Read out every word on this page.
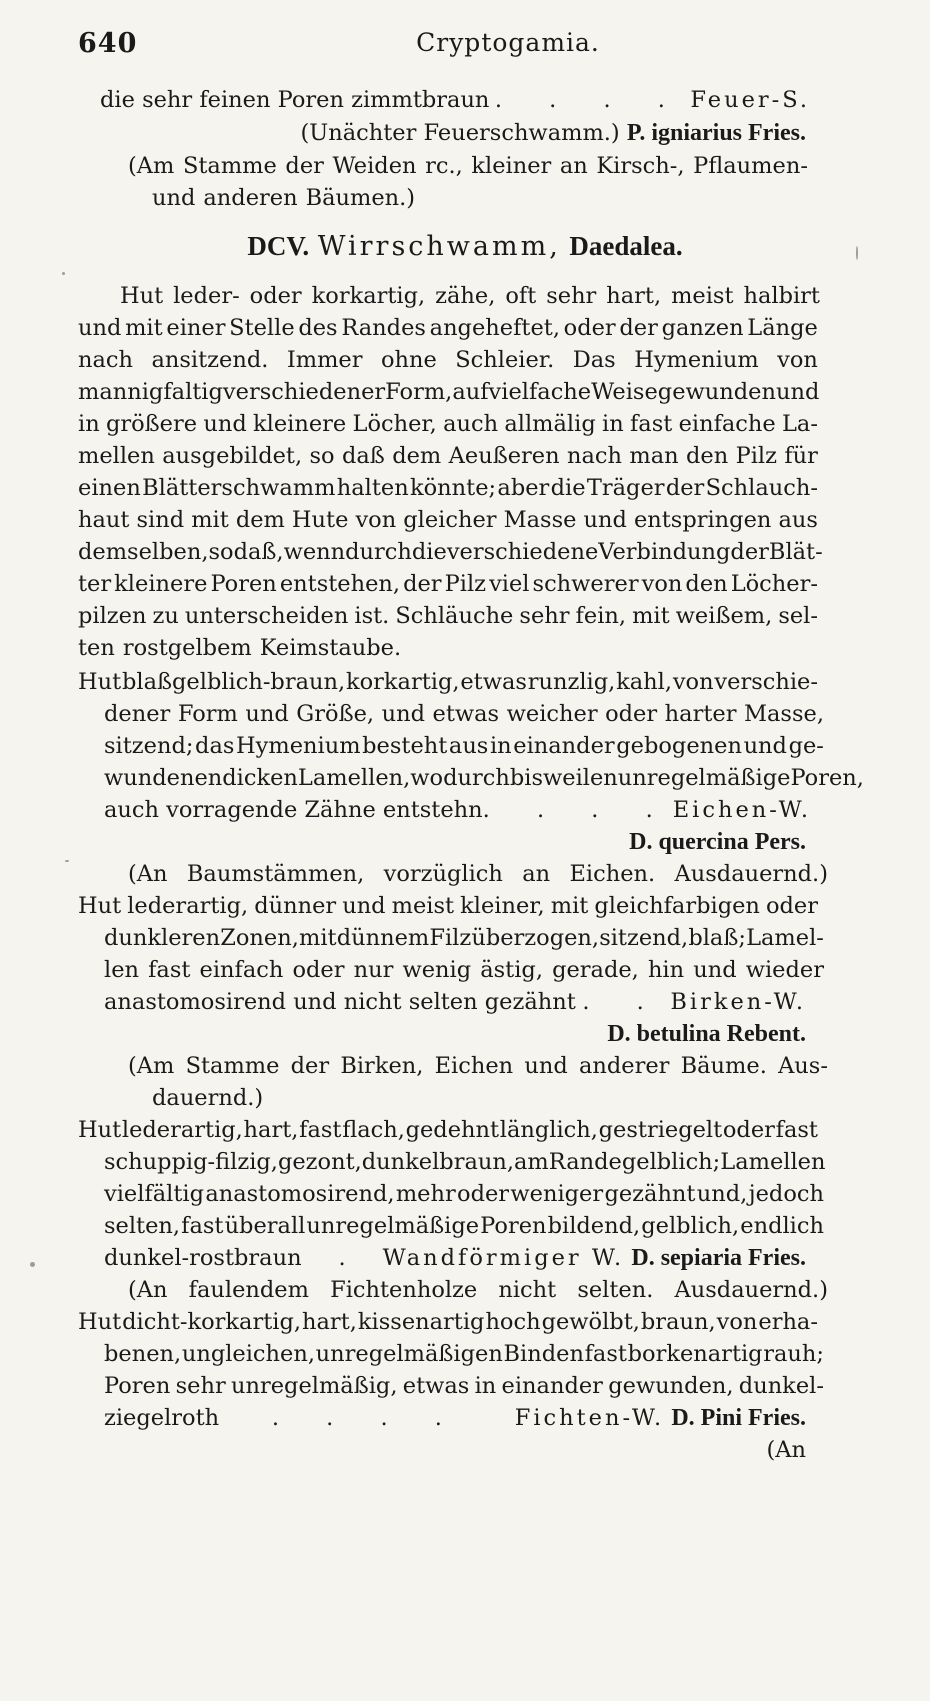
640	Cryptogamia.
die sehr feinen Poren zimmtbraun . . . . Feuer-S.
(Unächter Feuerschwamm.) P. igniarius Fries.
(Am Stamme der Weiden rc., kleiner an Kirsch-, Pflaumen-
und anderen Bäumen.)
DCV. Wirrschwamm, Daedalea.
Hut leder- oder korkartig, zähe, oft sehr hart, meist halbirt
und mit einer Stelle des Randes angeheftet, oder der ganzen Länge
nach ansitzend. Immer ohne Schleier. Das Hymenium von
mannigfaltig verschiedener Form, auf vielfache Weise gewunden und
in größere und kleinere Löcher, auch allmälig in fast einfache La-
mellen ausgebildet, so daß dem Aeußeren nach man den Pilz für
einen Blätterschwamm halten könnte; aber die Träger der Schlauch-
haut sind mit dem Hute von gleicher Masse und entspringen aus
demselben, so daß, wenn durch die verschiedene Verbindung der Blät-
ter kleinere Poren entstehen, der Pilz viel schwerer von den Löcher-
pilzen zu unterscheiden ist. Schläuche sehr fein, mit weißem, sel-
ten rostgelbem Keimstaube.
Hut blaßgelblich-braun, korkartig, etwas runzlig, kahl, von verschie-
dener Form und Größe, und etwas weicher oder harter Masse,
sitzend; das Hymenium besteht aus in einander gebogenen und ge-
wundenen dicken Lamellen, wodurch bisweilen unregelmäßige Poren,
auch vorragende Zähne entstehn . . . . Eichen-W.
D. quercina Pers.
(An Baumstämmen, vorzüglich an Eichen. Ausdauernd.)
Hut lederartig, dünner und meist kleiner, mit gleichfarbigen oder
dunkleren Zonen, mit dünnem Filz überzogen, sitzend, blaß; Lamel-
len fast einfach oder nur wenig ästig, gerade, hin und wieder
anastomosirend und nicht selten gezähnt . . Birken-W.
D. betulina Rebent.
(Am Stamme der Birken, Eichen und anderer Bäume. Aus-
dauernd.)
Hut lederartig, hart, fast flach, gedehnt länglich, gestriegelt oder fast
schuppig-filzig, gezont, dunkelbraun, am Rande gelblich; Lamellen
vielfältig anastomosirend, mehr oder weniger gezähnt und, jedoch
selten, fast überall unregelmäßige Poren bildend, gelblich, endlich
dunkel-rostbraun . Wandförmiger W. D. sepiaria Fries.
(An faulendem Fichtenholze nicht selten. Ausdauernd.)
Hut dicht-korkartig, hart, kissenartig hoch gewölbt, braun, von erha-
benen, ungleichen, unregelmäßigen Binden fast borkenartig rauh;
Poren sehr unregelmäßig, etwas in einander gewunden, dunkel-
ziegelroth . . . . Fichten-W. D. Pini Fries.
(An
